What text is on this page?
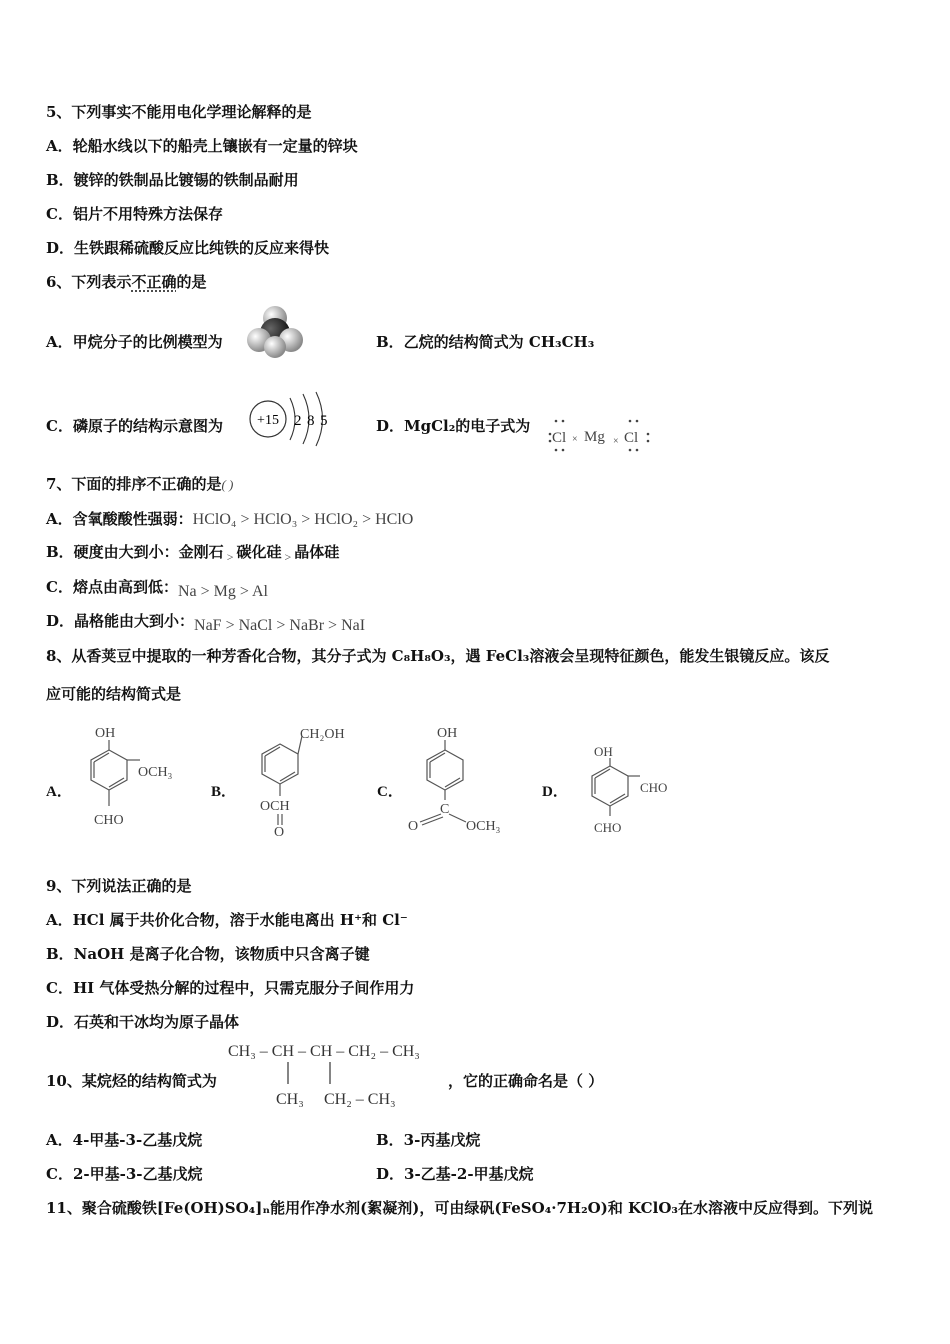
5、下列事实不能用电化学理论解释的是
A．轮船水线以下的船壳上镶嵌有一定量的锌块
B．镀锌的铁制品比镀锡的铁制品耐用
C．铝片不用特殊方法保存
D．生铁跟稀硫酸反应比纯铁的反应来得快
6、下列表示不正确的是
A．甲烷分子的比例模型为	B．乙烷的结构简式为 CH₃CH₃
C．磷原子的结构示意图为 +15 2 8 5	D．MgCl₂的电子式为
Cl × Mg × Cl
7、下面的排序不正确的是( )
A．含氧酸酸性强弱：HClO₄ > HClO₃ > HClO₂ > HClO
B．硬度由大到小：金刚石 $_>$ 碳化硅 $_>$ 晶体硅
C．熔点由高到低：Na > Mg > Al
D．晶格能由大到小：NaF > NaCl > NaBr > NaI
8、从香荚豆中提取的一种芳香化合物，其分子式为 C₈H₈O₃，遇 FeCl₃溶液会呈现特征颜色，能发生银镜反应。该反
应可能的结构简式是
A．
OH
OCH₃
CHO
B．
CH₂OH
OCH
O
C．
OH
C
O	OCH₃
D．
OH
CHO
CHO
9、下列说法正确的是
A．HCl 属于共价化合物，溶于水能电离出 H⁺和 Cl⁻
B．NaOH 是离子化合物，该物质中只含离子键
C．HI 气体受热分解的过程中，只需克服分子间作用力
D．石英和干冰均为原子晶体
10、某烷烃的结构简式为
CH₃ – CH – CH – CH₂ – CH₃
CH₃ CH₂ – CH₃
，它的正确命名是（ ）
A．4-甲基-3-乙基戊烷	B．3-丙基戊烷
C．2-甲基-3-乙基戊烷	D．3-乙基-2-甲基戊烷
11、聚合硫酸铁[Fe(OH)SO₄]ₙ能用作净水剂(絮凝剂)，可由绿矾(FeSO₄·7H₂O)和 KClO₃在水溶液中反应得到。下列说
